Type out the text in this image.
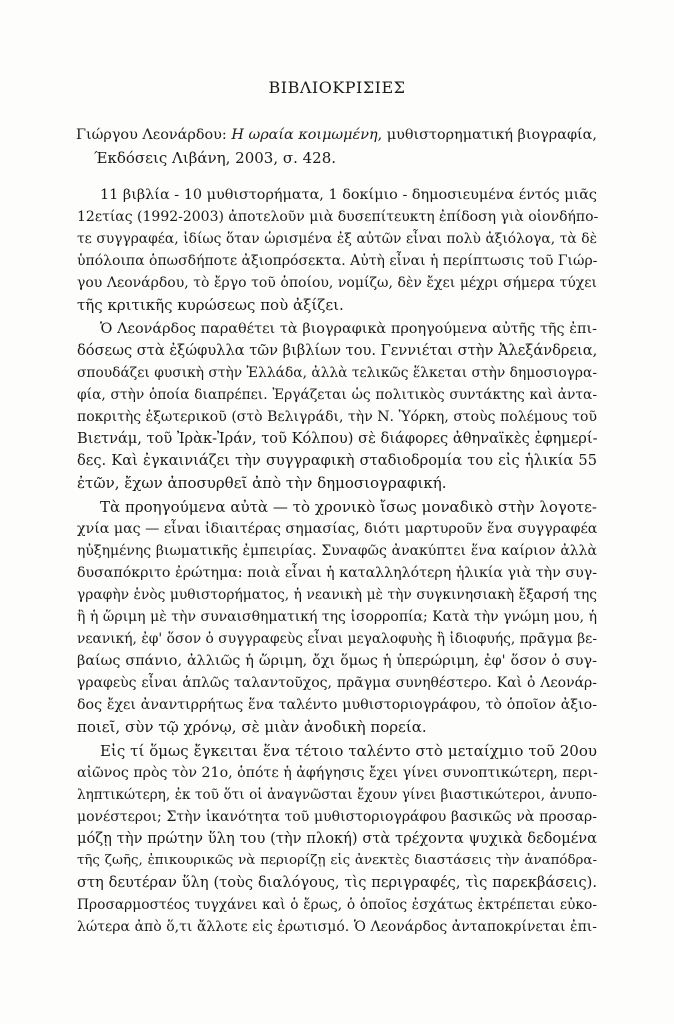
ΒΙΒΛΙΟΚΡΙΣΙΕΣ
Γιώργου Λεονάρδου: Η ωραία κοιμωμένη, μυθιστορηματική βιογραφία,
Έκδόσεις Λιβάνη, 2003, σ. 428.
11 βιβλία - 10 μυθιστορήματα, 1 δοκίμιο - δημοσιευμένα έντός μιᾶς
12ετίας (1992-2003) ἀποτελοῦν μιὰ δυσεπίτευκτη ἐπίδοση γιὰ οἱονδήπο-
τε συγγραφέα, ἰδίως ὅταν ὡρισμένα ἐξ αὐτῶν εἶναι πολὺ ἀξιόλογα, τὰ δὲ
ὑπόλοιπα ὁπωσδήποτε ἀξιοπρόσεκτα. Αὐτὴ εἶναι ἡ περίπτωσις τοῦ Γιώρ-
γου Λεονάρδου, τὸ ἔργο τοῦ ὁποίου, νομίζω, δὲν ἔχει μέχρι σήμερα τύχει
τῆς κριτικῆς κυρώσεως ποὺ ἀξίζει.
Ὁ Λεονάρδος παραθέτει τὰ βιογραφικὰ προηγούμενα αὐτῆς τῆς ἐπι-
δόσεως στὰ ἐξώφυλλα τῶν βιβλίων του. Γεννιέται στὴν Ἀλεξάνδρεια,
σπουδάζει φυσικὴ στὴν Ἑλλάδα, ἀλλὰ τελικῶς ἕλκεται στὴν δημοσιογρα-
φία, στὴν ὁποία διαπρέπει. Ἐργάζεται ὡς πολιτικὸς συντάκτης καὶ ἀντα-
ποκριτὴς ἐξωτερικοῦ (στὸ Βελιγράδι, τὴν Ν. Ὑόρκη, στοὺς πολέμους τοῦ
Βιετνάμ, τοῦ Ἰρὰκ-Ἰράν, τοῦ Κόλπου) σὲ διάφορες ἀθηναϊκὲς ἐφημερί-
δες. Καὶ ἐγκαινιάζει τὴν συγγραφικὴ σταδιοδρομία του εἰς ἡλικία 55
ἐτῶν, ἔχων ἀποσυρθεῖ ἀπὸ τὴν δημοσιογραφική.
Τὰ προηγούμενα αὐτὰ — τὸ χρονικὸ ἴσως μοναδικὸ στὴν λογοτε-
χνία μας — εἶναι ἰδιαιτέρας σημασίας, διότι μαρτυροῦν ἕνα συγγραφέα
ηὐξημένης βιωματικῆς ἐμπειρίας. Συναφῶς ἀνακύπτει ἕνα καίριον ἀλλὰ
δυσαπόκριτο ἐρώτημα: ποιὰ εἶναι ἡ καταλληλότερη ἡλικία γιὰ τὴν συγ-
γραφὴν ἑνὸς μυθιστορήματος, ἡ νεανικὴ μὲ τὴν συγκινησιακὴ ἔξαρσή της
ἢ ἡ ὥριμη μὲ τὴν συναισθηματική της ἰσορροπία; Κατὰ τὴν γνώμη μου, ἡ
νεανική, ἐφ' ὅσον ὁ συγγραφεὺς εἶναι μεγαλοφυὴς ἢ ἰδιοφυής, πρᾶγμα βε-
βαίως σπάνιο, ἀλλιῶς ἡ ὥριμη, ὄχι ὅμως ἡ ὑπερώριμη, ἐφ' ὅσον ὁ συγ-
γραφεὺς εἶναι ἁπλῶς ταλαντοῦχος, πρᾶγμα συνηθέστερο. Καὶ ὁ Λεονάρ-
δος ἔχει ἀναντιρρήτως ἕνα ταλέντο μυθιστοριογράφου, τὸ ὁποῖον ἀξιο-
ποιεῖ, σὺν τῷ χρόνῳ, σὲ μιὰν ἀνοδικὴ πορεία.
Εἰς τί ὅμως ἔγκειται ἕνα τέτοιο ταλέντο στὸ μεταίχμιο τοῦ 20ου
αἰῶνος πρὸς τὸν 21ο, ὁπότε ἡ ἀφήγησις ἔχει γίνει συνοπτικώτερη, περι-
ληπτικώτερη, ἐκ τοῦ ὅτι οἱ ἀναγνῶσται ἔχουν γίνει βιαστικώτεροι, ἀνυπο-
μονέστεροι; Στὴν ἱκανότητα τοῦ μυθιστοριογράφου βασικῶς νὰ προσαρ-
μόζῃ τὴν πρώτην ὕλη του (τὴν πλοκή) στὰ τρέχοντα ψυχικὰ δεδομένα
τῆς ζωῆς, ἐπικουρικῶς νὰ περιορίζῃ εἰς ἀνεκτὲς διαστάσεις τὴν ἀναπόδρα-
στη δευτέραν ὕλη (τοὺς διαλόγους, τὶς περιγραφές, τὶς παρεκβάσεις).
Προσαρμοστέος τυγχάνει καὶ ὁ ἔρως, ὁ ὁποῖος ἐσχάτως ἐκτρέπεται εὐκο-
λώτερα ἀπὸ ὅ,τι ἄλλοτε εἰς ἐρωτισμό. Ὁ Λεονάρδος ἀνταποκρίνεται ἐπι-
